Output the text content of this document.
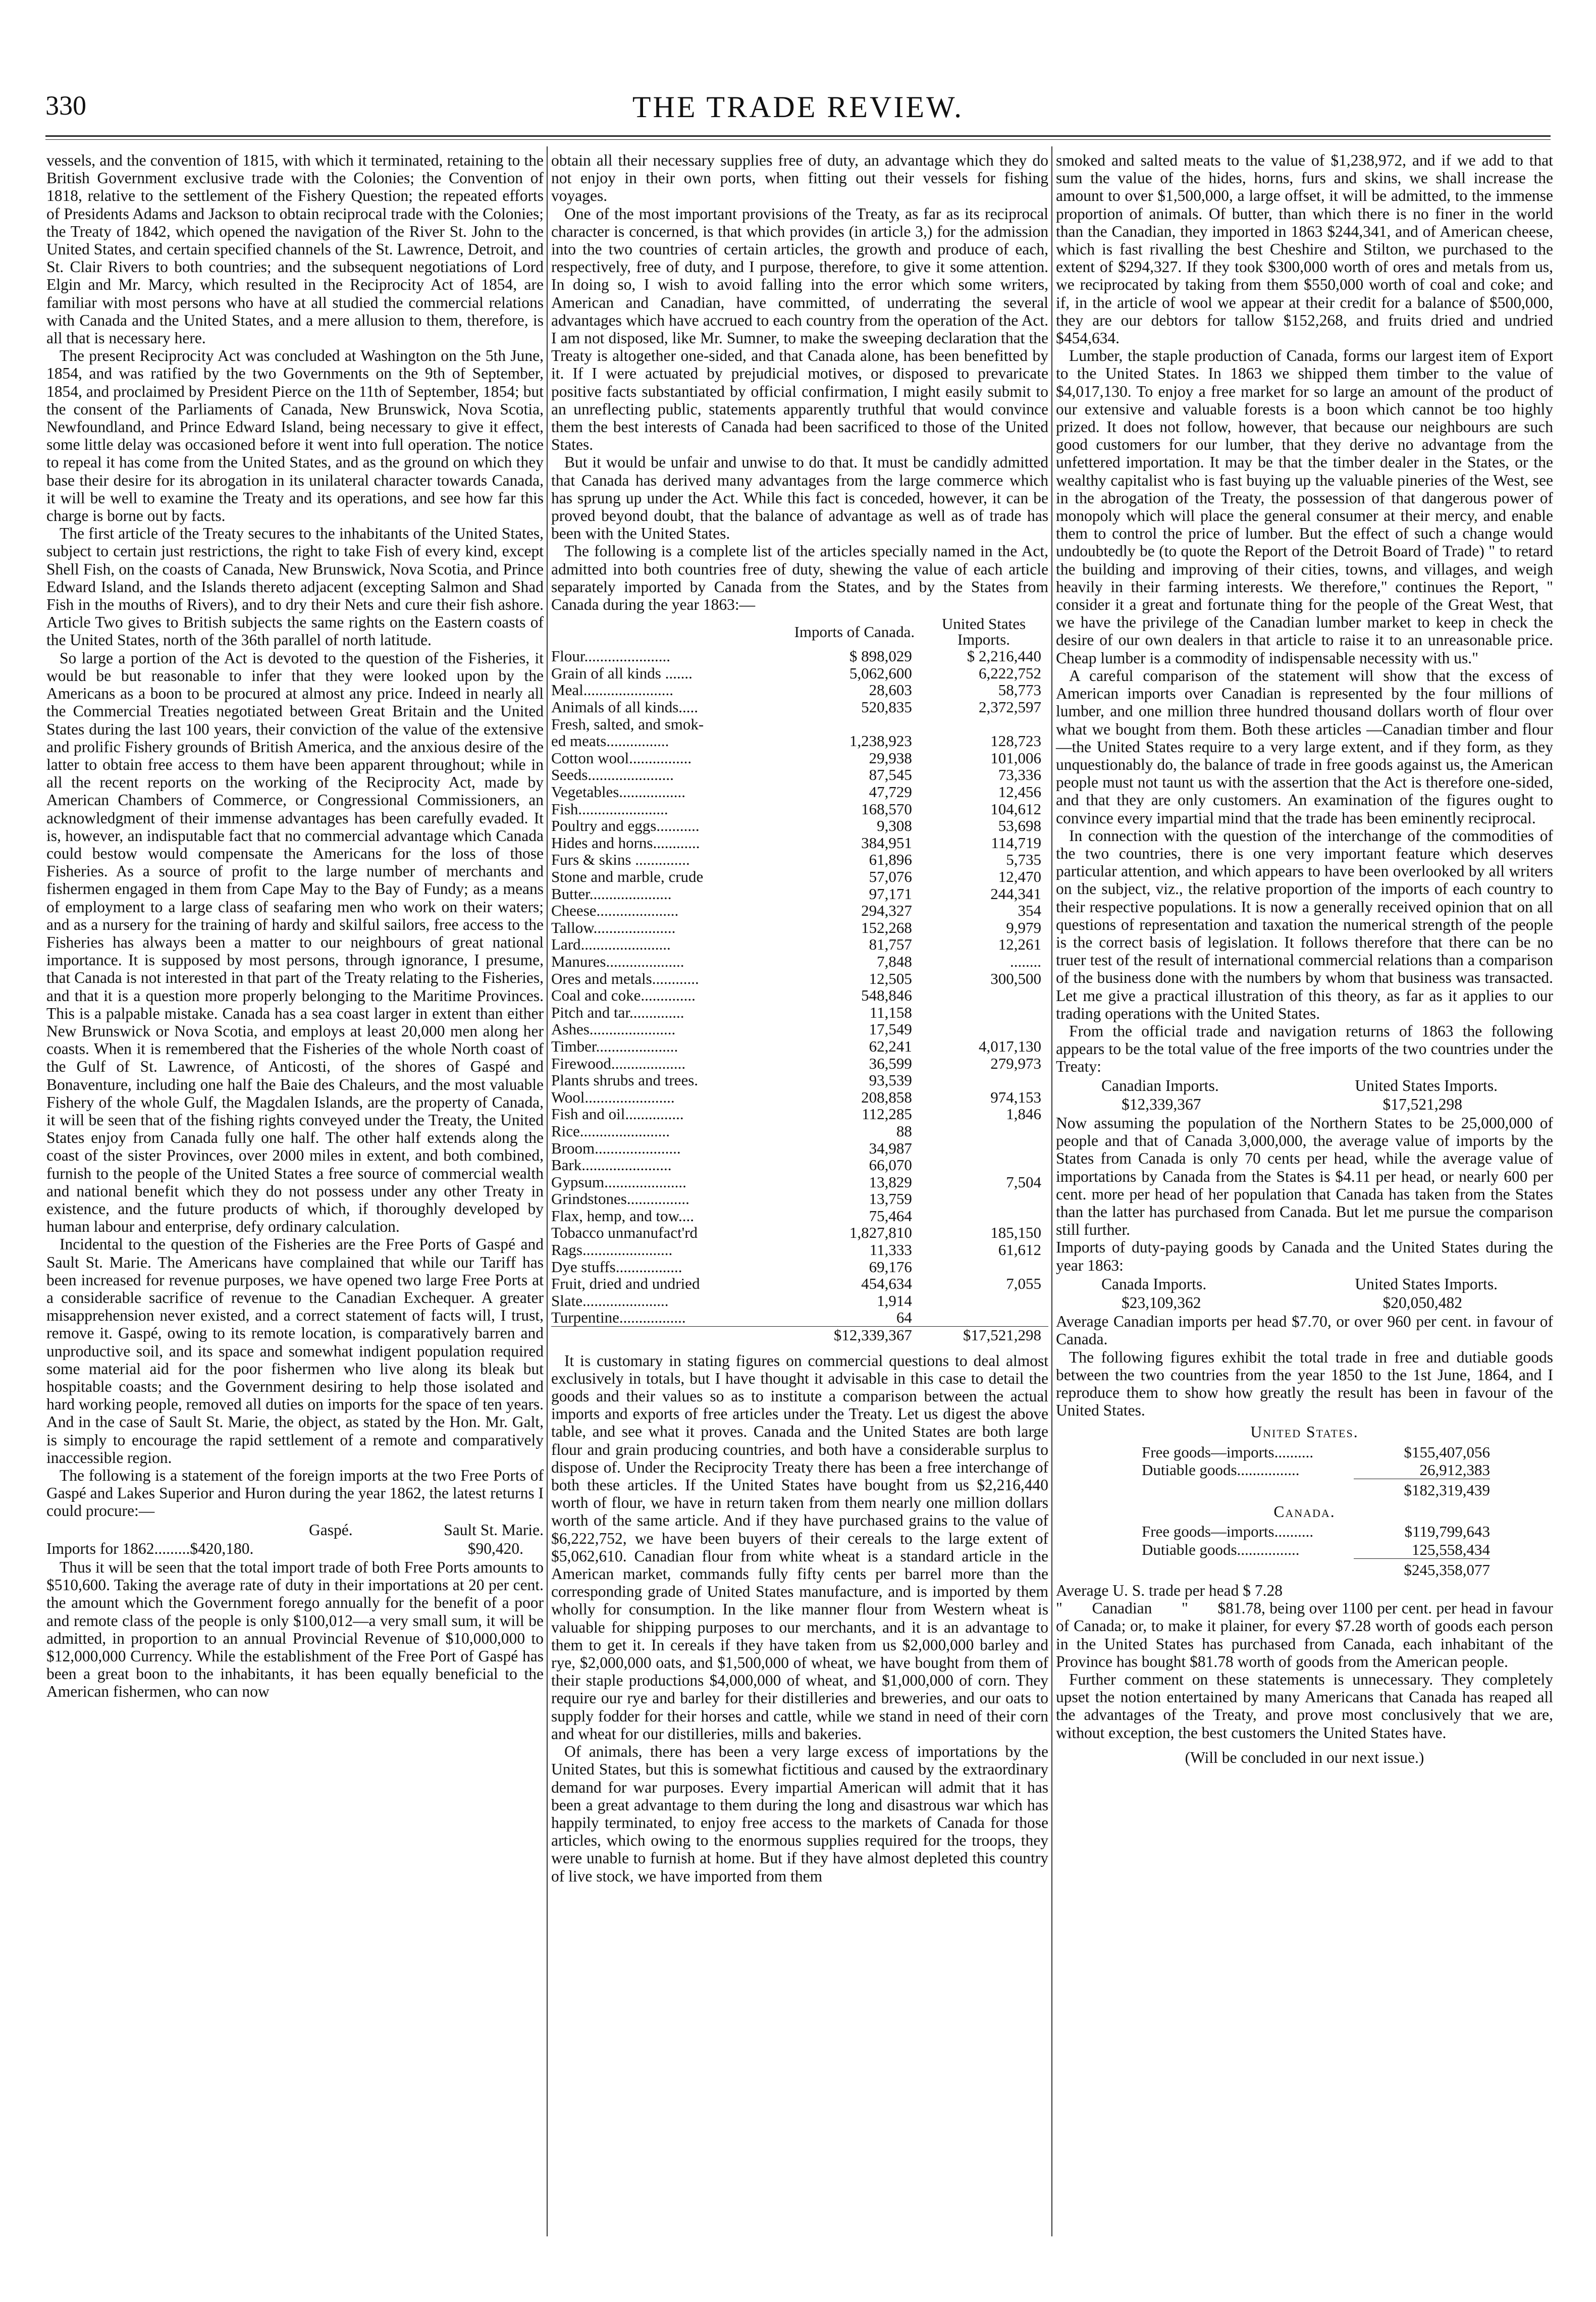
330	THE TRADE REVIEW.

vessels, and the convention of 1815, with which it terminated, retaining to the British Government exclusive trade with the Colonies; the Convention of 1818, relative to the settlement of the Fishery Question; the repeated efforts of Presidents Adams and Jackson to obtain reciprocal trade with the Colonies; the Treaty of 1842, which opened the navigation of the River St. John to the United States, and certain specified channels of the St. Lawrence, Detroit, and St. Clair Rivers to both countries; and the subsequent negotiations of Lord Elgin and Mr. Marcy, which resulted in the Reciprocity Act of 1854, are familiar with most persons who have at all studied the commercial relations with Canada and the United States, and a mere allusion to them, therefore, is all that is necessary here.

The present Reciprocity Act was concluded at Washington on the 5th June, 1854, and was ratified by the two Governments on the 9th of September, 1854, and proclaimed by President Pierce on the 11th of September, 1854; but the consent of the Parliaments of Canada, New Brunswick, Nova Scotia, Newfoundland, and Prince Edward Island, being necessary to give it effect, some little delay was occasioned before it went into full operation. The notice to repeal it has come from the United States, and as the ground on which they base their desire for its abrogation in its unilateral character towards Canada, it will be well to examine the Treaty and its operations, and see how far this charge is borne out by facts.

The first article of the Treaty secures to the inhabitants of the United States, subject to certain just restrictions, the right to take Fish of every kind, except Shell Fish, on the coasts of Canada, New Brunswick, Nova Scotia, and Prince Edward Island, and the Islands thereto adjacent (excepting Salmon and Shad Fish in the mouths of Rivers), and to dry their Nets and cure their fish ashore. Article Two gives to British subjects the same rights on the Eastern coasts of the United States, north of the 36th parallel of north latitude.

So large a portion of the Act is devoted to the question of the Fisheries, it would be but reasonable to infer that they were looked upon by the Americans as a boon to be procured at almost any price. Indeed in nearly all the Commercial Treaties negotiated between Great Britain and the United States during the last 100 years, their conviction of the value of the extensive and prolific Fishery grounds of British America, and the anxious desire of the latter to obtain free access to them have been apparent throughout; while in all the recent reports on the working of the Reciprocity Act, made by American Chambers of Commerce, or Congressional Commissioners, an acknowledgment of their immense advantages has been carefully evaded. It is, however, an indisputable fact that no commercial advantage which Canada could bestow would compensate the Americans for the loss of those Fisheries. As a source of profit to the large number of merchants and fishermen engaged in them from Cape May to the Bay of Fundy; as a means of employment to a large class of seafaring men who work on their waters; and as a nursery for the training of hardy and skilful sailors, free access to the Fisheries has always been a matter to our neighbours of great national importance. It is supposed by most persons, through ignorance, I presume, that Canada is not interested in that part of the Treaty relating to the Fisheries, and that it is a question more properly belonging to the Maritime Provinces. This is a palpable mistake. Canada has a sea coast larger in extent than either New Brunswick or Nova Scotia, and employs at least 20,000 men along her coasts. When it is remembered that the Fisheries of the whole North coast of the Gulf of St. Lawrence, of Anticosti, of the shores of Gaspé and Bonaventure, including one half the Baie des Chaleurs, and the most valuable Fishery of the whole Gulf, the Magdalen Islands, are the property of Canada, it will be seen that of the fishing rights conveyed under the Treaty, the United States enjoy from Canada fully one half. The other half extends along the coast of the sister Provinces, over 2000 miles in extent, and both combined, furnish to the people of the United States a free source of commercial wealth and national benefit which they do not possess under any other Treaty in existence, and the future products of which, if thoroughly developed by human labour and enterprise, defy ordinary calculation.

Incidental to the question of the Fisheries are the Free Ports of Gaspé and Sault St. Marie. The Americans have complained that while our Tariff has been increased for revenue purposes, we have opened two large Free Ports at a considerable sacrifice of revenue to the Canadian Exchequer. A greater misapprehension never existed, and a correct statement of facts will, I trust, remove it. Gaspé, owing to its remote location, is comparatively barren and unproductive soil, and its space and somewhat indigent population required some material aid for the poor fishermen who live along its bleak but hospitable coasts; and the Government desiring to help those isolated and hard working people, removed all duties on imports for the space of ten years. And in the case of Sault St. Marie, the object, as stated by the Hon. Mr. Galt, is simply to encourage the rapid settlement of a remote and comparatively inaccessible region.

The following is a statement of the foreign imports at the two Free Ports of Gaspé and Lakes Superior and Huron during the year 1862, the latest returns I could procure:—

Gaspé.	Sault St. Marie.
Imports for 1862.........$420,180.	$90,420.

Thus it will be seen that the total import trade of both Free Ports amounts to $510,600. Taking the average rate of duty in their importations at 20 per cent. the amount which the Government forego annually for the benefit of a poor and remote class of the people is only $100,012—a very small sum, it will be admitted, in proportion to an annual Provincial Revenue of $10,000,000 to $12,000,000 Currency. While the establishment of the Free Port of Gaspé has been a great boon to the inhabitants, it has been equally beneficial to the American fishermen, who can now

obtain all their necessary supplies free of duty, an advantage which they do not enjoy in their own ports, when fitting out their vessels for fishing voyages.

One of the most important provisions of the Treaty, as far as its reciprocal character is concerned, is that which provides (in article 3,) for the admission into the two countries of certain articles, the growth and produce of each, respectively, free of duty, and I purpose, therefore, to give it some attention. In doing so, I wish to avoid falling into the error which some writers, American and Canadian, have committed, of underrating the several advantages which have accrued to each country from the operation of the Act. I am not disposed, like Mr. Sumner, to make the sweeping declaration that the Treaty is altogether one-sided, and that Canada alone, has been benefitted by it. If I were actuated by prejudicial motives, or disposed to prevaricate positive facts substantiated by official confirmation, I might easily submit to an unreflecting public, statements apparently truthful that would convince them the best interests of Canada had been sacrificed to those of the United States.

But it would be unfair and unwise to do that. It must be candidly admitted that Canada has derived many advantages from the large commerce which has sprung up under the Act. While this fact is conceded, however, it can be proved beyond doubt, that the balance of advantage as well as of trade has been with the United States.

The following is a complete list of the articles specially named in the Act, admitted into both countries free of duty, shewing the value of each article separately imported by Canada from the States, and by the States from Canada during the year 1863:—

	Imports of Canada.	United States Imports.
Flour......................	$ 898,029	$ 2,216,440
Grain of all kinds .......	5,062,600	6,222,752
Meal.......................	28,603	58,773
Animals of all kinds.....	520,835	2,372,597
Fresh, salted, and smok-		
ed meats................	1,238,923	128,723
Cotton wool................	29,938	101,006
Seeds......................	87,545	73,336
Vegetables.................	47,729	12,456
Fish.......................	168,570	104,612
Poultry and eggs...........	9,308	53,698
Hides and horns............	384,951	114,719
Furs & skins ..............	61,896	5,735
Stone and marble, crude	57,076	12,470
Butter.....................	97,171	244,341
Cheese.....................	294,327	354
Tallow.....................	152,268	9,979
Lard.......................	81,757	12,261
Manures....................	7,848	........
Ores and metals............	12,505	300,500
Coal and coke..............	548,846	
Pitch and tar..............	11,158	
Ashes......................	17,549	
Timber.....................	62,241	4,017,130
Firewood...................	36,599	279,973
Plants shrubs and trees.	93,539	
Wool.......................	208,858	974,153
Fish and oil...............	112,285	1,846
Rice.......................	88	
Broom......................	34,987	
Bark.......................	66,070	
Gypsum.....................	13,829	7,504
Grindstones................	13,759	
Flax, hemp, and tow....	75,464	
Tobacco unmanufact'rd	1,827,810	185,150
Rags.......................	11,333	61,612
Dye stuffs.................	69,176	
Fruit, dried and undried	454,634	7,055
Slate......................	1,914	
Turpentine.................	64	
	$12,339,367	$17,521,298

It is customary in stating figures on commercial questions to deal almost exclusively in totals, but I have thought it advisable in this case to detail the goods and their values so as to institute a comparison between the actual imports and exports of free articles under the Treaty. Let us digest the above table, and see what it proves. Canada and the United States are both large flour and grain producing countries, and both have a considerable surplus to dispose of. Under the Reciprocity Treaty there has been a free interchange of both these articles. If the United States have bought from us $2,216,440 worth of flour, we have in return taken from them nearly one million dollars worth of the same article. And if they have purchased grains to the value of $6,222,752, we have been buyers of their cereals to the large extent of $5,062,610. Canadian flour from white wheat is a standard article in the American market, commands fully fifty cents per barrel more than the corresponding grade of United States manufacture, and is imported by them wholly for consumption. In the like manner flour from Western wheat is valuable for shipping purposes to our merchants, and it is an advantage to them to get it. In cereals if they have taken from us $2,000,000 barley and rye, $2,000,000 oats, and $1,500,000 of wheat, we have bought from them of their staple productions $4,000,000 of wheat, and $1,000,000 of corn. They require our rye and barley for their distilleries and breweries, and our oats to supply fodder for their horses and cattle, while we stand in need of their corn and wheat for our distilleries, mills and bakeries.

Of animals, there has been a very large excess of importations by the United States, but this is somewhat fictitious and caused by the extraordinary demand for war purposes. Every impartial American will admit that it has been a great advantage to them during the long and disastrous war which has happily terminated, to enjoy free access to the markets of Canada for those articles, which owing to the enormous supplies required for the troops, they were unable to furnish at home. But if they have almost depleted this country of live stock, we have imported from them

smoked and salted meats to the value of $1,238,972, and if we add to that sum the value of the hides, horns, furs and skins, we shall increase the amount to over $1,500,000, a large offset, it will be admitted, to the immense proportion of animals. Of butter, than which there is no finer in the world than the Canadian, they imported in 1863 $244,341, and of American cheese, which is fast rivalling the best Cheshire and Stilton, we purchased to the extent of $294,327. If they took $300,000 worth of ores and metals from us, we reciprocated by taking from them $550,000 worth of coal and coke; and if, in the article of wool we appear at their credit for a balance of $500,000, they are our debtors for tallow $152,268, and fruits dried and undried $454,634.

Lumber, the staple production of Canada, forms our largest item of Export to the United States. In 1863 we shipped them timber to the value of $4,017,130. To enjoy a free market for so large an amount of the product of our extensive and valuable forests is a boon which cannot be too highly prized. It does not follow, however, that because our neighbours are such good customers for our lumber, that they derive no advantage from the unfettered importation. It may be that the timber dealer in the States, or the wealthy capitalist who is fast buying up the valuable pineries of the West, see in the abrogation of the Treaty, the possession of that dangerous power of monopoly which will place the general consumer at their mercy, and enable them to control the price of lumber. But the effect of such a change would undoubtedly be (to quote the Report of the Detroit Board of Trade) " to retard the building and improving of their cities, towns, and villages, and weigh heavily in their farming interests. We therefore," continues the Report, " consider it a great and fortunate thing for the people of the Great West, that we have the privilege of the Canadian lumber market to keep in check the desire of our own dealers in that article to raise it to an unreasonable price. Cheap lumber is a commodity of indispensable necessity with us."

A careful comparison of the statement will show that the excess of American imports over Canadian is represented by the four millions of lumber, and one million three hundred thousand dollars worth of flour over what we bought from them. Both these articles —Canadian timber and flour—the United States require to a very large extent, and if they form, as they unquestionably do, the balance of trade in free goods against us, the American people must not taunt us with the assertion that the Act is therefore one-sided, and that they are only customers. An examination of the figures ought to convince every impartial mind that the trade has been eminently reciprocal.

In connection with the question of the interchange of the commodities of the two countries, there is one very important feature which deserves particular attention, and which appears to have been overlooked by all writers on the subject, viz., the relative proportion of the imports of each country to their respective populations. It is now a generally received opinion that on all questions of representation and taxation the numerical strength of the people is the correct basis of legislation. It follows therefore that there can be no truer test of the result of international commercial relations than a comparison of the business done with the numbers by whom that business was transacted. Let me give a practical illustration of this theory, as far as it applies to our trading operations with the United States.

From the official trade and navigation returns of 1863 the following appears to be the total value of the free imports of the two countries under the Treaty:

Canadian Imports.	United States Imports.
$12,339,367	$17,521,298

Now assuming the population of the Northern States to be 25,000,000 of people and that of Canada 3,000,000, the average value of imports by the States from Canada is only 70 cents per head, while the average value of importations by Canada from the States is $4.11 per head, or nearly 600 per cent. more per head of her population that Canada has taken from the States than the latter has purchased from Canada. But let me pursue the comparison still further.

Imports of duty-paying goods by Canada and the United States during the year 1863:

Canada Imports.	United States Imports.
$23,109,362	$20,050,482

Average Canadian imports per head $7.70, or over 960 per cent. in favour of Canada.

The following figures exhibit the total trade in free and dutiable goods between the two countries from the year 1850 to the 1st June, 1864, and I reproduce them to show how greatly the result has been in favour of the United States.

United States.
Free goods—imports..........	$155,407,056
Dutiable goods................	26,912,383
$182,319,439
Canada.
Free goods—imports..........	$119,799,643
Dutiable goods................	125,558,434
$245,358,077

Average U. S. trade per head $ 7.28

"       Canadian       "       $81.78, being over 1100 per cent. per head in favour of Canada; or, to make it plainer, for every $7.28 worth of goods each person in the United States has purchased from Canada, each inhabitant of the Province has bought $81.78 worth of goods from the American people.

Further comment on these statements is unnecessary. They completely upset the notion entertained by many Americans that Canada has reaped all the advantages of the Treaty, and prove most conclusively that we are, without exception, the best customers the United States have.

(Will be concluded in our next issue.)
